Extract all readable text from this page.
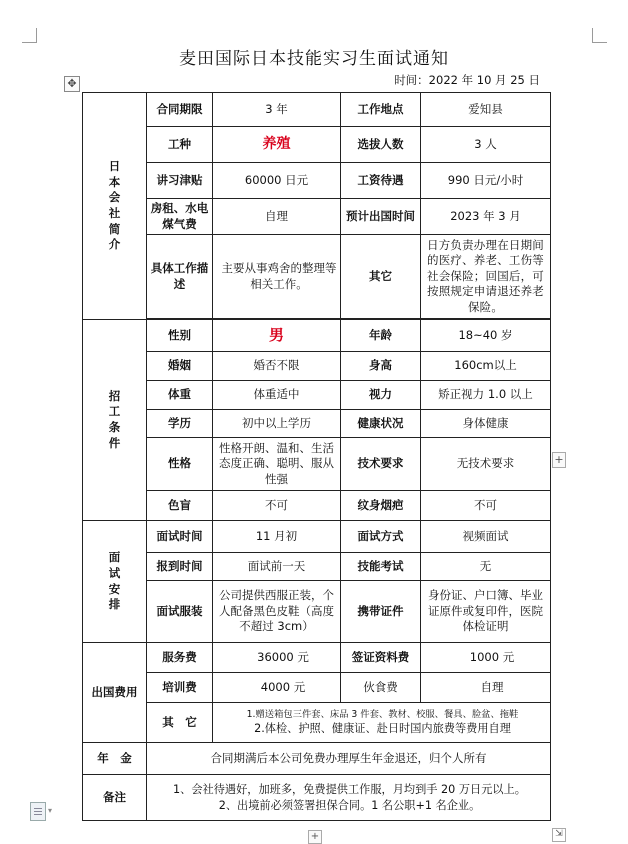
麦田国际日本技能实习生面试通知
时间：2022 年 10 月 25 日
✥
日本会社简介	合同期限	3 年	工作地点	爱知县
	工种	养殖	选拔人数	3 人
	讲习津贴	60000 日元	工资待遇	990 日元/小时
	房租、水电煤气费	自理	预计出国时间	2023 年 3 月
	具体工作描述	主要从事鸡舍的整理等相关工作。	其它	日方负责办理在日期间的医疗、养老、工伤等社会保险；回国后，可按照规定申请退还养老保险。

招工条件	性别	男	年龄	18~40 岁
	婚姻	婚否不限	身高	160cm以上
	体重	体重适中	视力	矫正视力 1.0 以上
	学历	初中以上学历	健康状况	身体健康
	性格	性格开朗、温和、生活态度正确、聪明、服从性强	技术要求	无技术要求
	色盲	不可	纹身烟疤	不可
面试安排	面试时间	11 月初	面试方式	视频面试
	报到时间	面试前一天	技能考试	无
	面试服装	公司提供西服正装，个人配备黑色皮鞋（高度不超过 3cm）	携带证件	身份证、户口簿、毕业证原件或复印件，医院体检证明
出国费用	服务费	36000 元	签证资料费	1000 元
	培训费	4000 元	伙食费	自理
	其　它	1.赠送箱包三件套、床品 3 件套、教材、校服、餐具、脸盆、拖鞋
2.体检、护照、健康证、赴日时国内旅费等费用自理		

年　金	合同期满后本公司免费办理厚生年金退还，归个人所有			
备注	1、会社待遇好，加班多，免费提供工作服，月均到手 20 万日元以上。
2、出境前必须签署担保合同。1 名公职+1 名企业。			
+
+	⇲
▾
